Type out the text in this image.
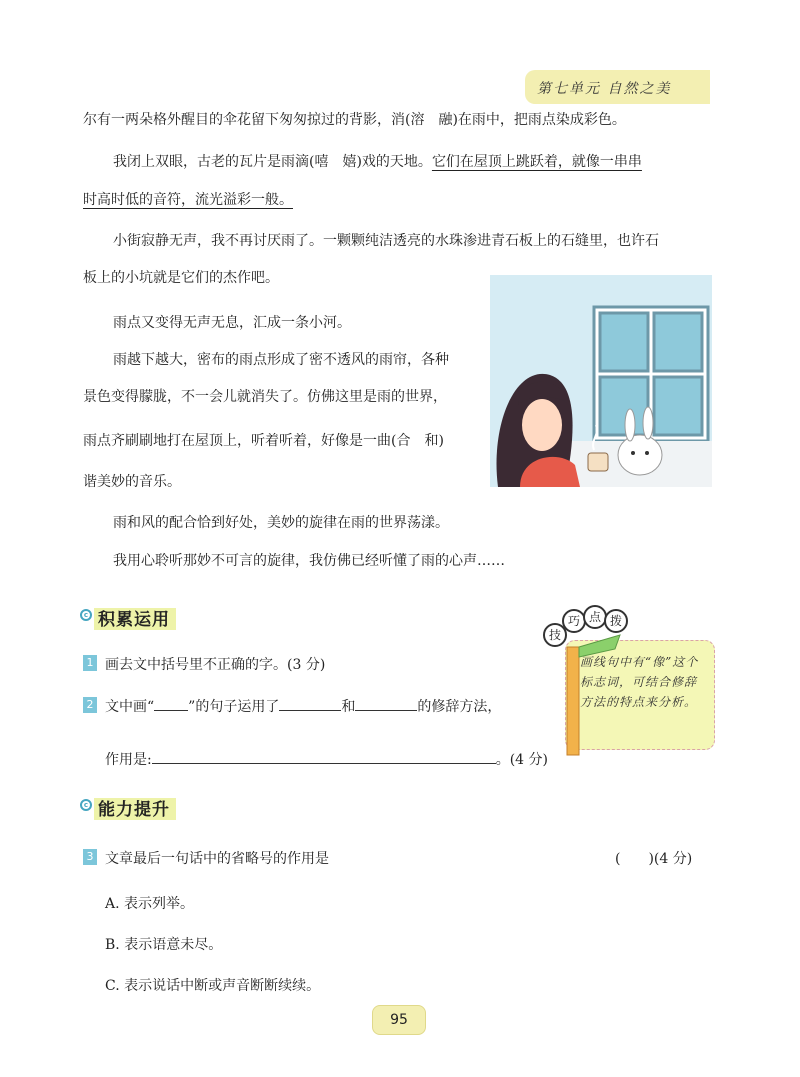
第七单元 自然之美
尔有一两朵格外醒目的伞花留下匆匆掠过的背影，消(溶　融)在雨中，把雨点染成彩色。
我闭上双眼，古老的瓦片是雨滴(嘻　嬉)戏的天地。它们在屋顶上跳跃着，就像一串串
时高时低的音符，流光溢彩一般。
小街寂静无声，我不再讨厌雨了。一颗颗纯洁透亮的水珠渗进青石板上的石缝里，也许石
板上的小坑就是它们的杰作吧。
雨点又变得无声无息，汇成一条小河。
雨越下越大，密布的雨点形成了密不透风的雨帘，各种
景色变得朦胧，不一会儿就消失了。仿佛这里是雨的世界，
雨点齐刷刷地打在屋顶上，听着听着，好像是一曲(合　和)
谐美妙的音乐。
雨和风的配合恰到好处，美妙的旋律在雨的世界荡漾。
我用心聆听那妙不可言的旋律，我仿佛已经听懂了雨的心声……
c 积累运用
1 画去文中括号里不正确的字。(3 分)
2 文中画“ ”的句子运用了	和	的修辞方法，
作用是:	。(4 分)
技
巧 点 拨
画线句中有“像”这个标志词，可结合修辞方法的特点来分析。
c 能力提升
3 文章最后一句话中的省略号的作用是	(　　)(4 分)
A. 表示列举。
B. 表示语意未尽。
C. 表示说话中断或声音断断续续。
95
